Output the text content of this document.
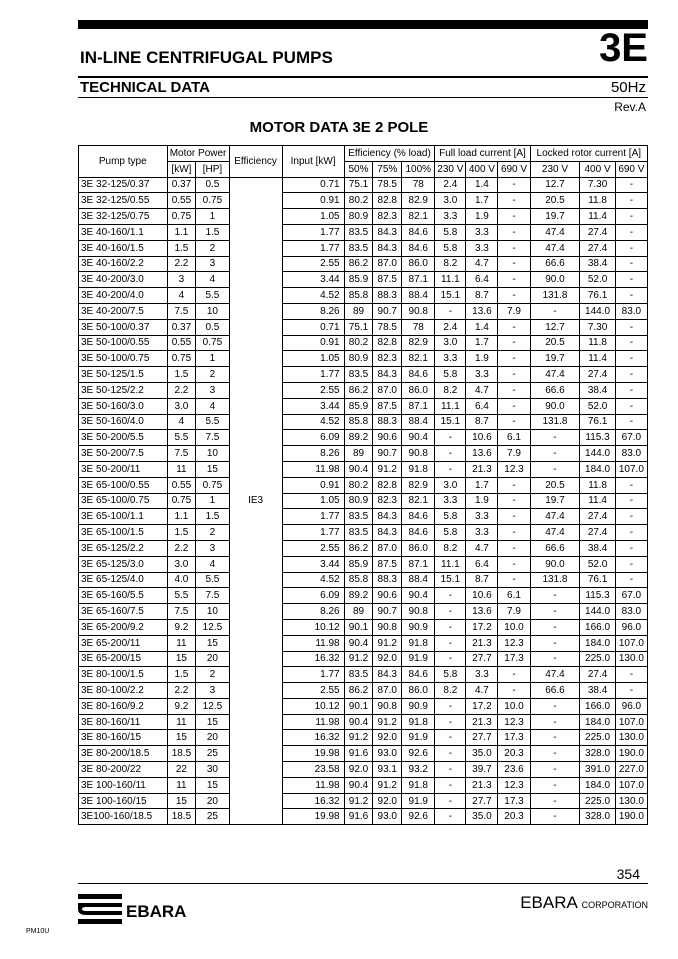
IN-LINE CENTRIFUGAL PUMPS	3E
TECHNICAL DATA	50Hz
Rev.A
MOTOR DATA 3E 2 POLE
Pump type	Motor Power		Efficiency	Input [kW]	Efficiency (% load)			Full load current [A]			Locked rotor current [A]		
	[kW]	[HP]			50%	75%	100%	230 V	400 V	690 V	230 V	400 V	690 V
3E 32-125/0.37	0.37	0.5	IE3	0.71	75.1	78.5	78	2.4	1.4	-	12.7	7.30	-
3E 32-125/0.55	0.55	0.75		0.91	80.2	82.8	82.9	3.0	1.7	-	20.5	11.8	-
3E 32-125/0.75	0.75	1		1.05	80.9	82.3	82.1	3.3	1.9	-	19.7	11.4	-
3E 40-160/1.1	1.1	1.5		1.77	83.5	84.3	84.6	5.8	3.3	-	47.4	27.4	-
3E 40-160/1.5	1.5	2		1.77	83.5	84.3	84.6	5.8	3.3	-	47.4	27.4	-
3E 40-160/2.2	2.2	3		2.55	86.2	87.0	86.0	8.2	4.7	-	66.6	38.4	-
3E 40-200/3.0	3	4		3.44	85.9	87.5	87.1	11.1	6.4	-	90.0	52.0	-
3E 40-200/4.0	4	5.5		4.52	85.8	88.3	88.4	15.1	8.7	-	131.8	76.1	-
3E 40-200/7.5	7.5	10		8.26	89	90.7	90.8	-	13.6	7.9	-	144.0	83.0
3E 50-100/0.37	0.37	0.5		0.71	75.1	78.5	78	2.4	1.4	-	12.7	7.30	-
3E 50-100/0.55	0.55	0.75		0.91	80.2	82.8	82.9	3.0	1.7	-	20.5	11.8	-
3E 50-100/0.75	0.75	1		1.05	80.9	82.3	82.1	3.3	1.9	-	19.7	11.4	-
3E 50-125/1.5	1.5	2		1.77	83.5	84.3	84.6	5.8	3.3	-	47.4	27.4	-
3E 50-125/2.2	2.2	3		2.55	86.2	87.0	86.0	8.2	4.7	-	66.6	38.4	-
3E 50-160/3.0	3.0	4		3.44	85.9	87.5	87.1	11.1	6.4	-	90.0	52.0	-
3E 50-160/4.0	4	5.5		4.52	85.8	88.3	88.4	15.1	8.7	-	131.8	76.1	-
3E 50-200/5.5	5.5	7.5		6.09	89.2	90.6	90.4	-	10.6	6.1	-	115.3	67.0
3E 50-200/7.5	7.5	10		8.26	89	90.7	90.8	-	13.6	7.9	-	144.0	83.0
3E 50-200/11	11	15		11.98	90.4	91.2	91.8	-	21.3	12.3	-	184.0	107.0
3E 65-100/0.55	0.55	0.75		0.91	80.2	82.8	82.9	3.0	1.7	-	20.5	11.8	-
3E 65-100/0.75	0.75	1		1.05	80.9	82.3	82.1	3.3	1.9	-	19.7	11.4	-
3E 65-100/1.1	1.1	1.5		1.77	83.5	84.3	84.6	5.8	3.3	-	47.4	27.4	-
3E 65-100/1.5	1.5	2		1.77	83.5	84.3	84.6	5.8	3.3	-	47.4	27.4	-
3E 65-125/2.2	2.2	3		2.55	86.2	87.0	86.0	8.2	4.7	-	66.6	38.4	-
3E 65-125/3.0	3.0	4		3.44	85.9	87.5	87.1	11.1	6.4	-	90.0	52.0	-
3E 65-125/4.0	4.0	5.5		4.52	85.8	88.3	88.4	15.1	8.7	-	131.8	76.1	-
3E 65-160/5.5	5.5	7.5		6.09	89.2	90.6	90.4	-	10.6	6.1	-	115.3	67.0
3E 65-160/7.5	7.5	10		8.26	89	90.7	90.8	-	13.6	7.9	-	144.0	83.0
3E 65-200/9.2	9.2	12.5		10.12	90.1	90.8	90.9	-	17.2	10.0	-	166.0	96.0
3E 65-200/11	11	15		11.98	90.4	91.2	91.8	-	21.3	12.3	-	184.0	107.0
3E 65-200/15	15	20		16.32	91.2	92.0	91.9	-	27.7	17.3	-	225.0	130.0
3E 80-100/1.5	1.5	2		1.77	83.5	84.3	84.6	5.8	3.3	-	47.4	27.4	-
3E 80-100/2.2	2.2	3		2.55	86.2	87.0	86.0	8.2	4.7	-	66.6	38.4	-
3E 80-160/9.2	9.2	12.5		10.12	90.1	90.8	90.9	-	17.2	10.0	-	166.0	96.0
3E 80-160/11	11	15		11.98	90.4	91.2	91.8	-	21.3	12.3	-	184.0	107.0
3E 80-160/15	15	20		16.32	91.2	92.0	91.9	-	27.7	17.3	-	225.0	130.0
3E 80-200/18.5	18.5	25		19.98	91.6	93.0	92.6	-	35.0	20.3	-	328.0	190.0
3E 80-200/22	22	30		23.58	92.0	93.1	93.2	-	39.7	23.6	-	391.0	227.0
3E 100-160/11	11	15		11.98	90.4	91.2	91.8	-	21.3	12.3	-	184.0	107.0
3E 100-160/15	15	20		16.32	91.2	92.0	91.9	-	27.7	17.3	-	225.0	130.0
3E100-160/18.5	18.5	25		19.98	91.6	93.0	92.6	-	35.0	20.3	-	328.0	190.0
354
EBARA
PM10U
EBARA CORPORATION
